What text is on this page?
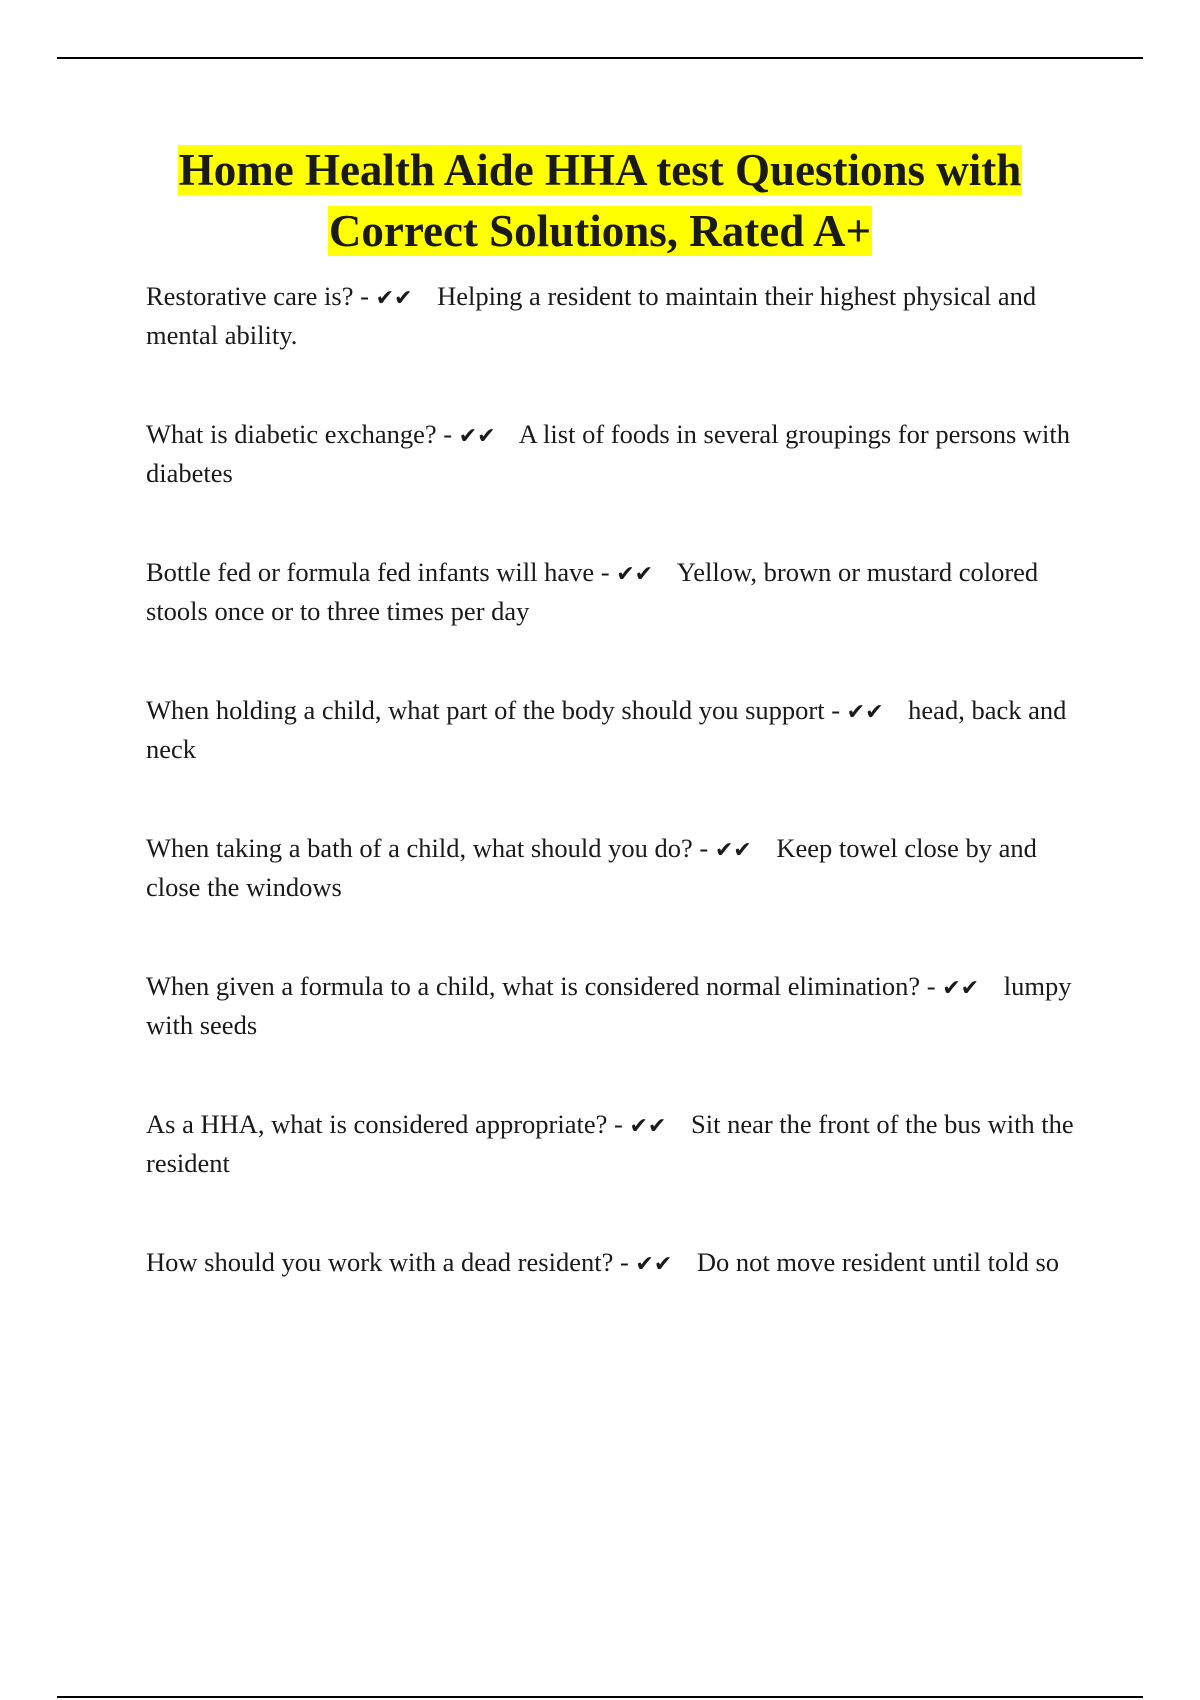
Home Health Aide HHA test Questions with
Correct Solutions, Rated A+
Restorative care is? - ✔✔ Helping a resident to maintain their highest physical and mental ability.
What is diabetic exchange? - ✔✔ A list of foods in several groupings for persons with diabetes
Bottle fed or formula fed infants will have - ✔✔ Yellow, brown or mustard colored stools once or to three times per day
When holding a child, what part of the body should you support - ✔✔ head, back and neck
When taking a bath of a child, what should you do? - ✔✔ Keep towel close by and close the windows
When given a formula to a child, what is considered normal elimination? - ✔✔ lumpy with seeds
As a HHA, what is considered appropriate? - ✔✔ Sit near the front of the bus with the resident
How should you work with a dead resident? - ✔✔ Do not move resident until told so
